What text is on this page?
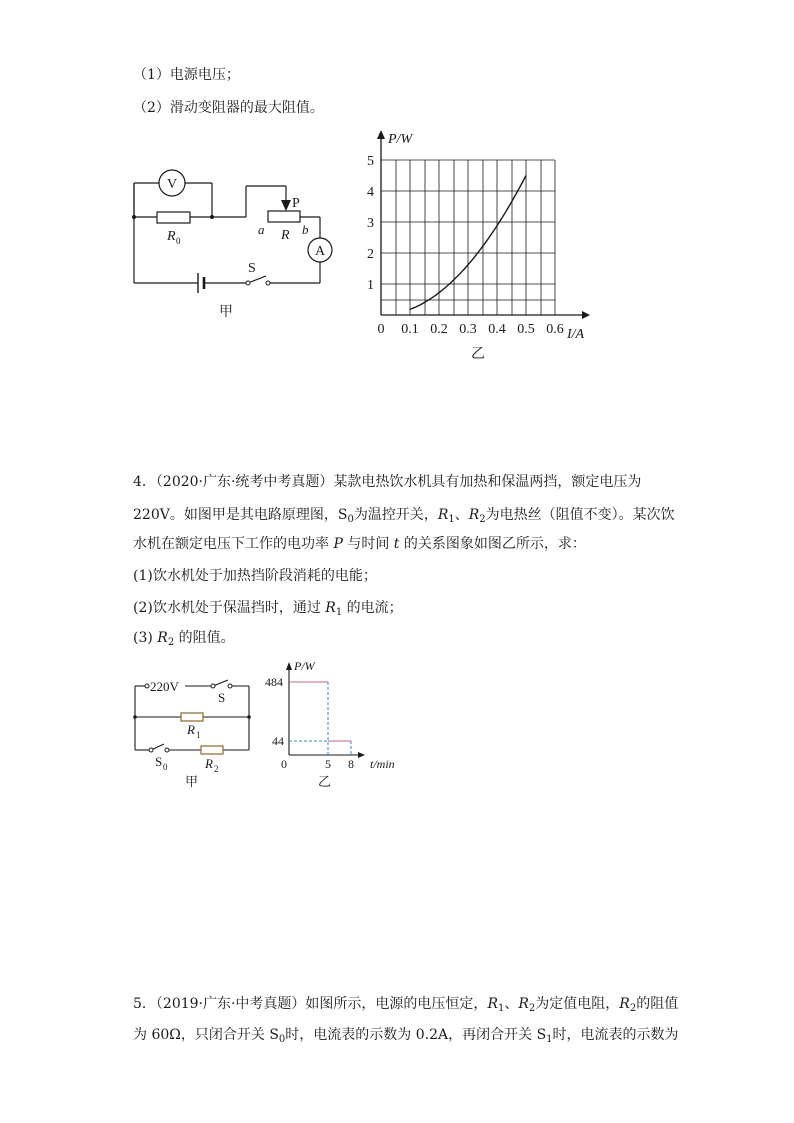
（1）电源电压；
（2）滑动变阻器的最大阻值。
V
A
R 0
P
a R b
S
甲
P/W
1
2
3
4
5
0 0.1 0.2 0.3 0.4 0.5 0.6 I/A
乙
4．（2020·广东·统考中考真题）某款电热饮水机具有加热和保温两挡，额定电压为
220V。如图甲是其电路原理图，$S_0$为温控开关，$R_1$、$R_2$为电热丝（阻值不变）。某次饮
水机在额定电压下工作的电功率 P 与时间 t 的关系图象如图乙所示，求：
(1)饮水机处于加热挡阶段消耗的电能；
(2)饮水机处于保温挡时，通过 $R_1$ 的电流；
(3) $R_2$ 的阻值。
220V
S
R 1
S 0	R 2
甲
P/W
484
44
0	5 8 t/min
乙
5．（2019·广东·中考真题）如图所示，电源的电压恒定，$R_1$、$R_2$为定值电阻，$R_2$的阻值
为 60Ω，只闭合开关 $S_0$时，电流表的示数为 0.2A，再闭合开关 $S_1$时，电流表的示数为
